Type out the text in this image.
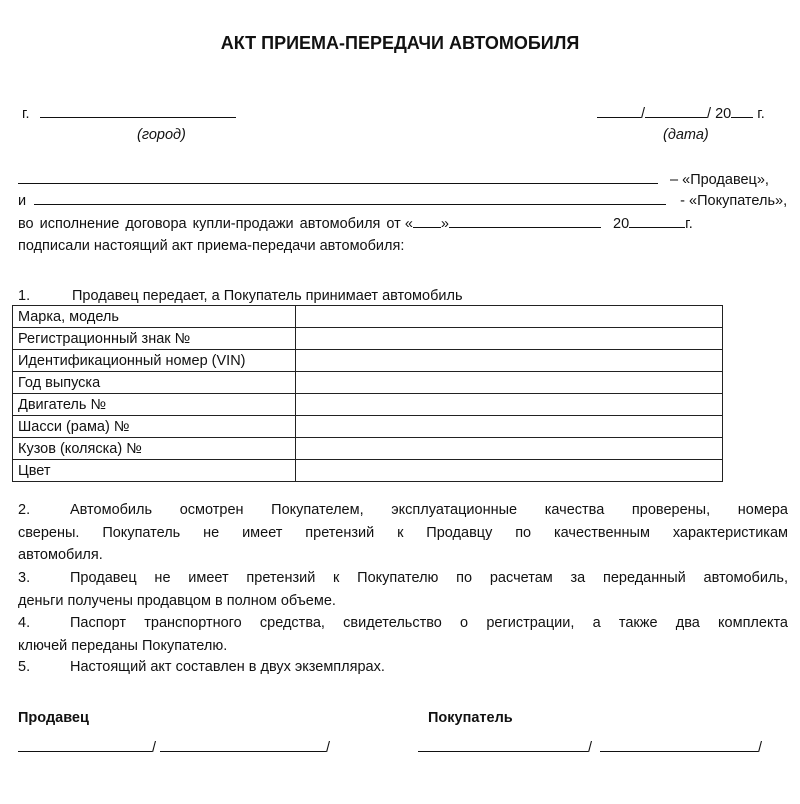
АКТ ПРИЕМА-ПЕРЕДАЧИ АВТОМОБИЛЯ
г.
(город)
/	/ 20 г.
(дата)
– «Продавец»,
и	- «Покупатель»,
во исполнение договора купли-продажи автомобиля от « »	20	г.
подписали настоящий акт приема-передачи автомобиля:
1.	Продавец передает, а Покупатель принимает автомобиль
Марка, модель	
Регистрационный знак №	
Идентификационный номер (VIN)	
Год выпуска	
Двигатель №	
Шасси (рама) №	
Кузов (коляска) №	
Цвет	
2.	Автомобиль осмотрен Покупателем, эксплуатационные качества проверены, номера
сверены. Покупатель не имеет претензий к Продавцу по качественным характеристикам
автомобиля.
3.	Продавец не имеет претензий к Покупателю по расчетам за переданный автомобиль,
деньги получены продавцом в полном объеме.
4.	Паспорт транспортного средства, свидетельство о регистрации, а также два комплекта
ключей переданы Покупателю.
5.	Настоящий акт составлен в двух экземплярах.
Продавец	Покупатель
/	/	/	/
